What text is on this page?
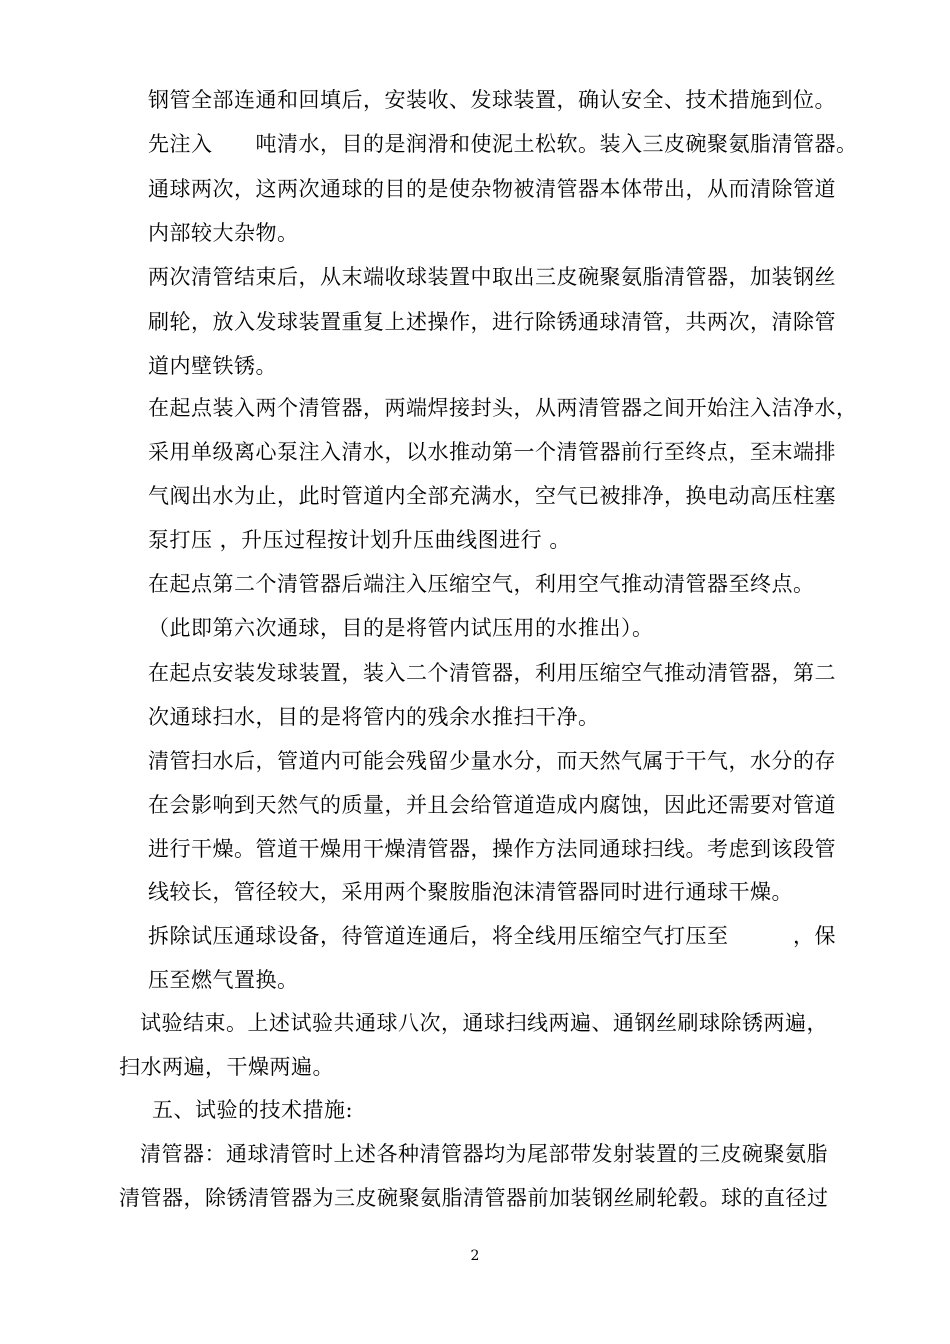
钢管全部连通和回填后，安装收、发球装置，确认安全、技术措施到位。
先注入　　吨清水，目的是润滑和使泥土松软。装入三皮碗聚氨脂清管器。
通球两次，这两次通球的目的是使杂物被清管器本体带出，从而清除管道
内部较大杂物。
两次清管结束后，从末端收球装置中取出三皮碗聚氨脂清管器，加装钢丝
刷轮，放入发球装置重复上述操作，进行除锈通球清管，共两次，清除管
道内壁铁锈。
在起点装入两个清管器，两端焊接封头，从两清管器之间开始注入洁净水，
采用单级离心泵注入清水，以水推动第一个清管器前行至终点，至末端排
气阀出水为止，此时管道内全部充满水，空气已被排净，换电动高压柱塞
泵打压 ，升压过程按计划升压曲线图进行 。
在起点第二个清管器后端注入压缩空气，利用空气推动清管器至终点。
（此即第六次通球，目的是将管内试压用的水推出）。
在起点安装发球装置，装入二个清管器，利用压缩空气推动清管器，第二
次通球扫水，目的是将管内的残余水推扫干净。
清管扫水后，管道内可能会残留少量水分，而天然气属于干气，水分的存
在会影响到天然气的质量，并且会给管道造成内腐蚀，因此还需要对管道
进行干燥。管道干燥用干燥清管器，操作方法同通球扫线。考虑到该段管
线较长，管径较大，采用两个聚胺脂泡沫清管器同时进行通球干燥。
拆除试压通球设备，待管道连通后，将全线用压缩空气打压至　　　，保
压至燃气置换。
试验结束。上述试验共通球八次，通球扫线两遍、通钢丝刷球除锈两遍，
扫水两遍，干燥两遍。
五、试验的技术措施:
清管器：通球清管时上述各种清管器均为尾部带发射装置的三皮碗聚氨脂
清管器，除锈清管器为三皮碗聚氨脂清管器前加装钢丝刷轮毂。球的直径过
2
